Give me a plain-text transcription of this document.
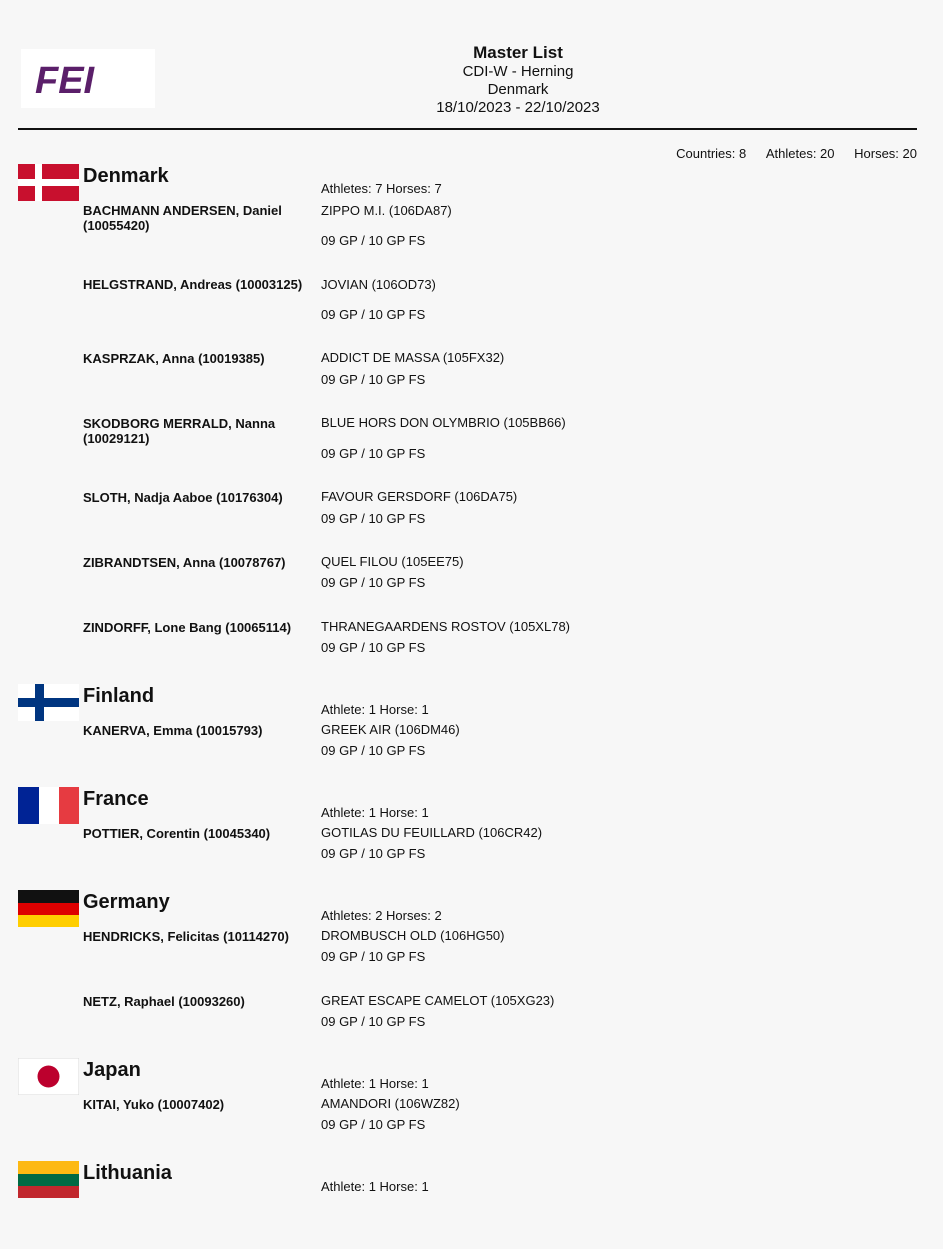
FEI
Master List
CDI-W - Herning
Denmark
18/10/2023 - 22/10/2023
Countries: 8 Athletes: 20 Horses: 20
Denmark
Athletes: 7 Horses: 7
BACHMANN ANDERSEN, Daniel (10055420)
ZIPPO M.I. (106DA87)
09 GP / 10 GP FS
HELGSTRAND, Andreas (10003125)	JOVIAN (106OD73)
09 GP / 10 GP FS
KASPRZAK, Anna (10019385)	ADDICT DE MASSA (105FX32)
09 GP / 10 GP FS
SKODBORG MERRALD, Nanna (10029121)
BLUE HORS DON OLYMBRIO (105BB66)
09 GP / 10 GP FS
SLOTH, Nadja Aaboe (10176304)	FAVOUR GERSDORF (106DA75)
09 GP / 10 GP FS
ZIBRANDTSEN, Anna (10078767)	QUEL FILOU (105EE75)
09 GP / 10 GP FS
ZINDORFF, Lone Bang (10065114)	THRANEGAARDENS ROSTOV (105XL78)
09 GP / 10 GP FS
Finland
Athlete: 1 Horse: 1
KANERVA, Emma (10015793)	GREEK AIR (106DM46)
09 GP / 10 GP FS
France
Athlete: 1 Horse: 1
POTTIER, Corentin (10045340)	GOTILAS DU FEUILLARD (106CR42)
09 GP / 10 GP FS
Germany
Athletes: 2 Horses: 2
HENDRICKS, Felicitas (10114270)	DROMBUSCH OLD (106HG50)
09 GP / 10 GP FS
NETZ, Raphael (10093260)	GREAT ESCAPE CAMELOT (105XG23)
09 GP / 10 GP FS
Japan
Athlete: 1 Horse: 1
KITAI, Yuko (10007402)	AMANDORI (106WZ82)
09 GP / 10 GP FS
Lithuania
Athlete: 1 Horse: 1
